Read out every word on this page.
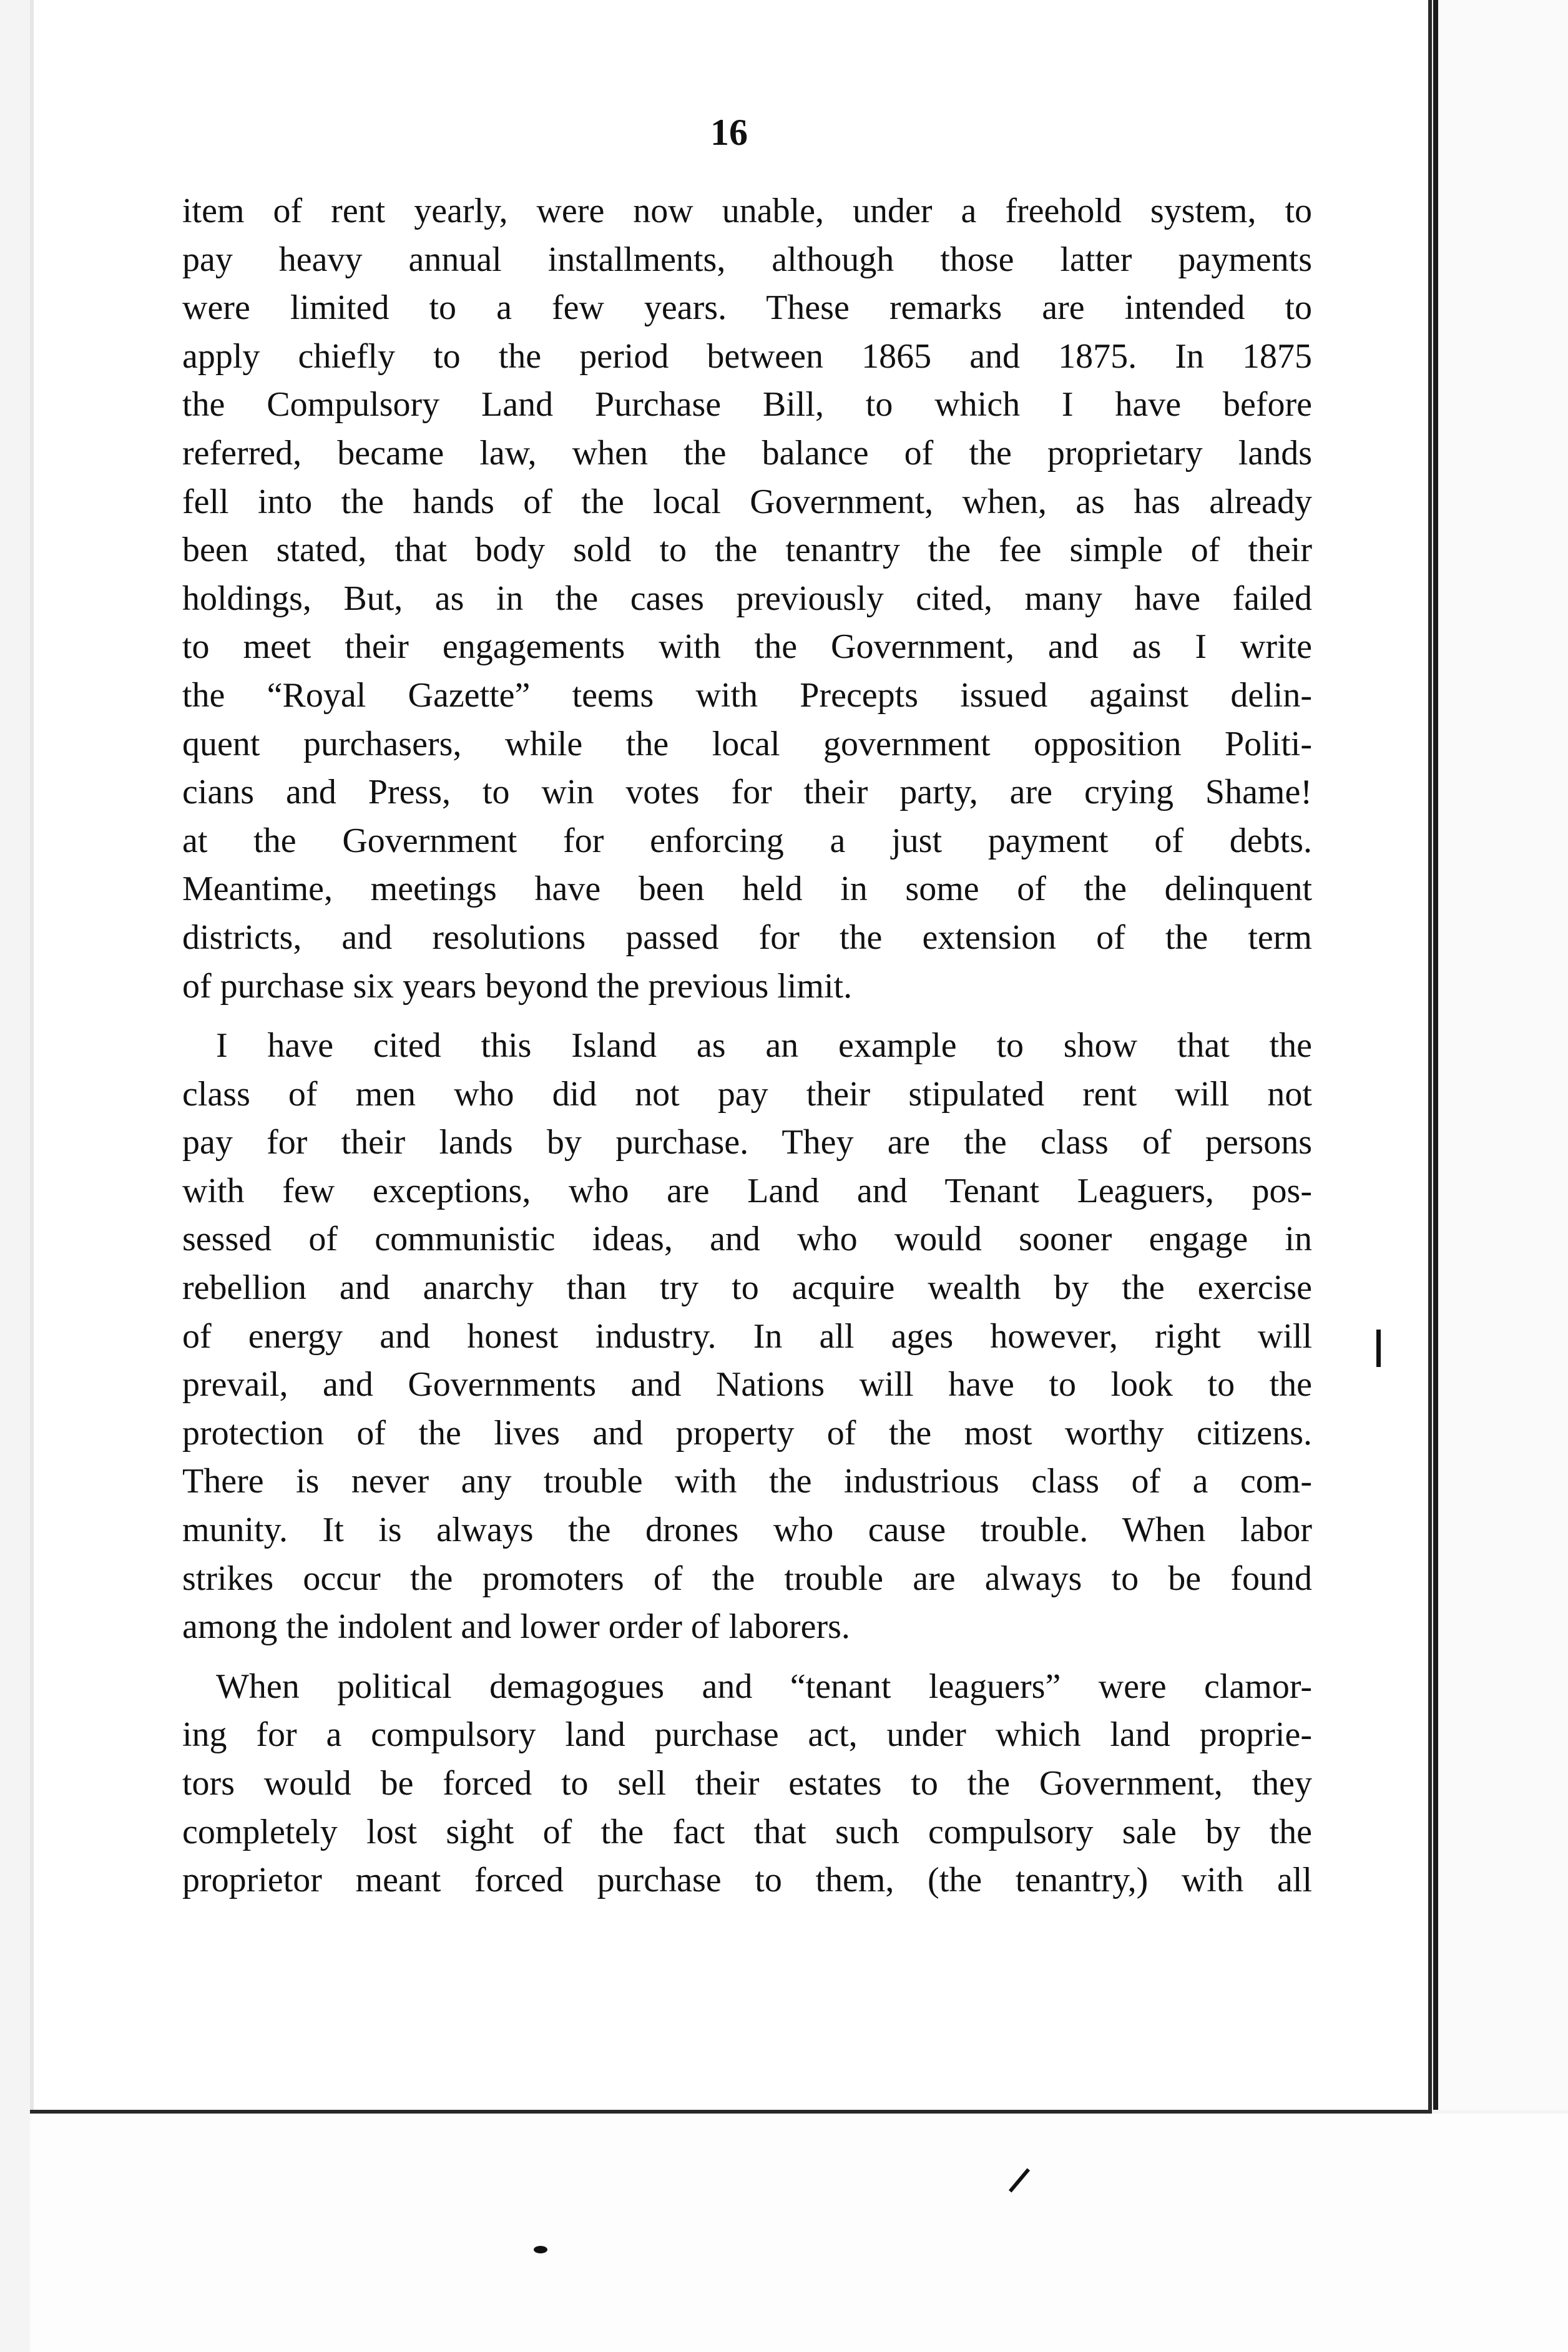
16
item of rent yearly, were now unable, under a freehold system, to
pay heavy annual installments, although those latter payments
were limited to a few years. These remarks are intended to
apply chiefly to the period between 1865 and 1875. In 1875
the Compulsory Land Purchase Bill, to which I have before
referred, became law, when the balance of the proprietary lands
fell into the hands of the local Government, when, as has already
been stated, that body sold to the tenantry the fee simple of their
holdings, But, as in the cases previously cited, many have failed
to meet their engagements with the Government, and as I write
the “Royal Gazette” teems with Precepts issued against delin-
quent purchasers, while the local government opposition Politi-
cians and Press, to win votes for their party, are crying Shame!
at the Government for enforcing a just payment of debts.
Meantime, meetings have been held in some of the delinquent
districts, and resolutions passed for the extension of the term
of purchase six years beyond the previous limit.
I have cited this Island as an example to show that the
class of men who did not pay their stipulated rent will not
pay for their lands by purchase. They are the class of persons
with few exceptions, who are Land and Tenant Leaguers, pos-
sessed of communistic ideas, and who would sooner engage in
rebellion and anarchy than try to acquire wealth by the exercise
of energy and honest industry. In all ages however, right will
prevail, and Governments and Nations will have to look to the
protection of the lives and property of the most worthy citizens.
There is never any trouble with the industrious class of a com-
munity. It is always the drones who cause trouble. When labor
strikes occur the promoters of the trouble are always to be found
among the indolent and lower order of laborers.
When political demagogues and “tenant leaguers” were clamor-
ing for a compulsory land purchase act, under which land proprie-
tors would be forced to sell their estates to the Government, they
completely lost sight of the fact that such compulsory sale by the
proprietor meant forced purchase to them, (the tenantry,) with all
